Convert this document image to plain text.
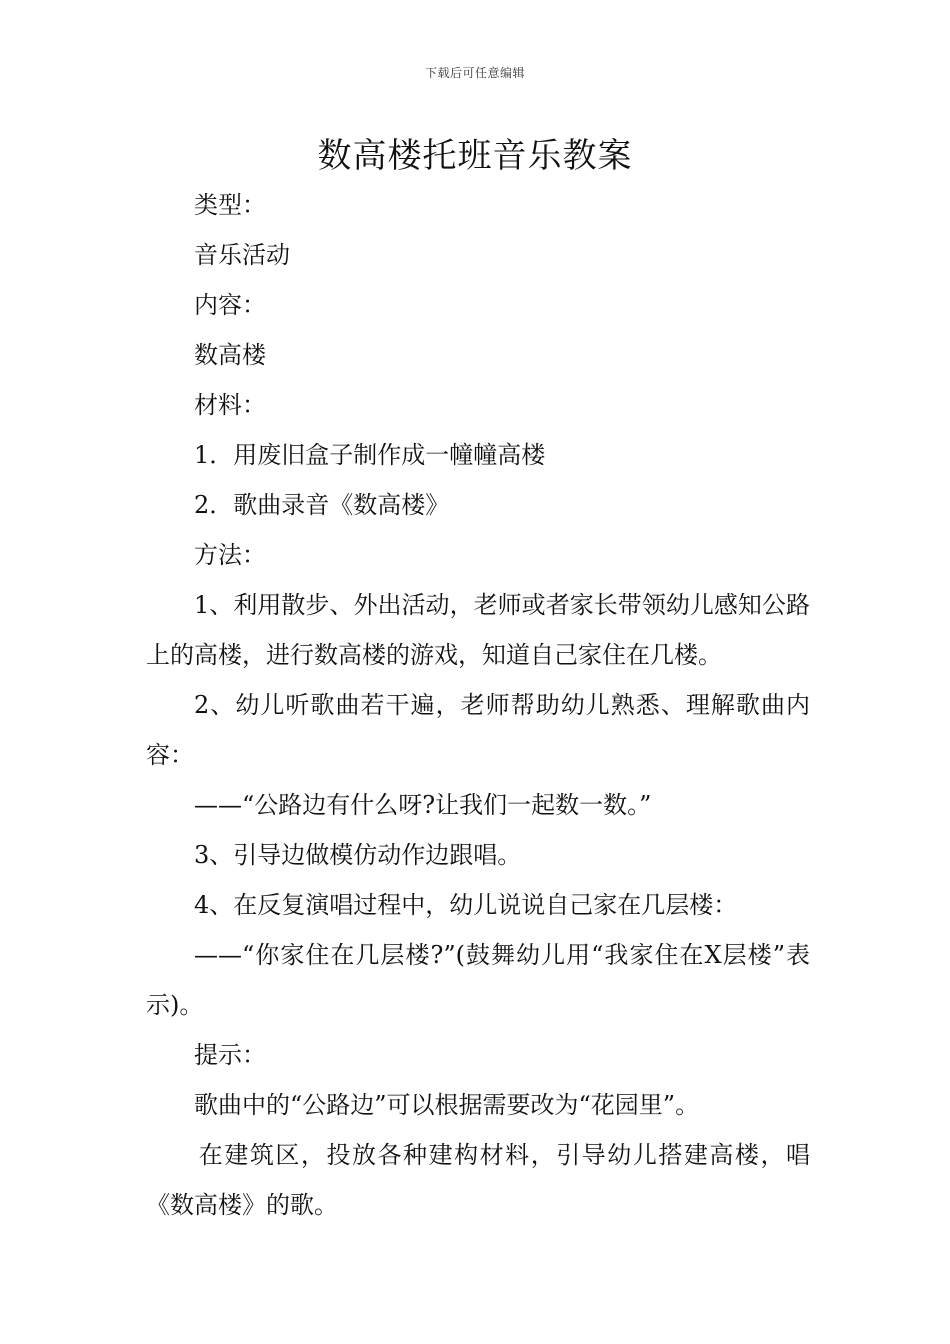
下载后可任意编辑
数高楼托班音乐教案

类型：

音乐活动

内容：

数高楼

材料：

1．用废旧盒子制作成一幢幢高楼

2．歌曲录音《数高楼》

方法：

1、利用散步、外出活动，老师或者家长带领幼儿感知公路上的高楼，进行数高楼的游戏，知道自己家住在几楼。

2、幼儿听歌曲若干遍，老师帮助幼儿熟悉、理解歌曲内容：

——“公路边有什么呀?让我们一起数一数。”

3、引导边做模仿动作边跟唱。

4、在反复演唱过程中，幼儿说说自己家在几层楼：

——“你家住在几层楼?”(鼓舞幼儿用“我家住在X层楼”表示)。

提示：

歌曲中的“公路边”可以根据需要改为“花园里”。

在建筑区，投放各种建构材料，引导幼儿搭建高楼，唱《数高楼》的歌。
